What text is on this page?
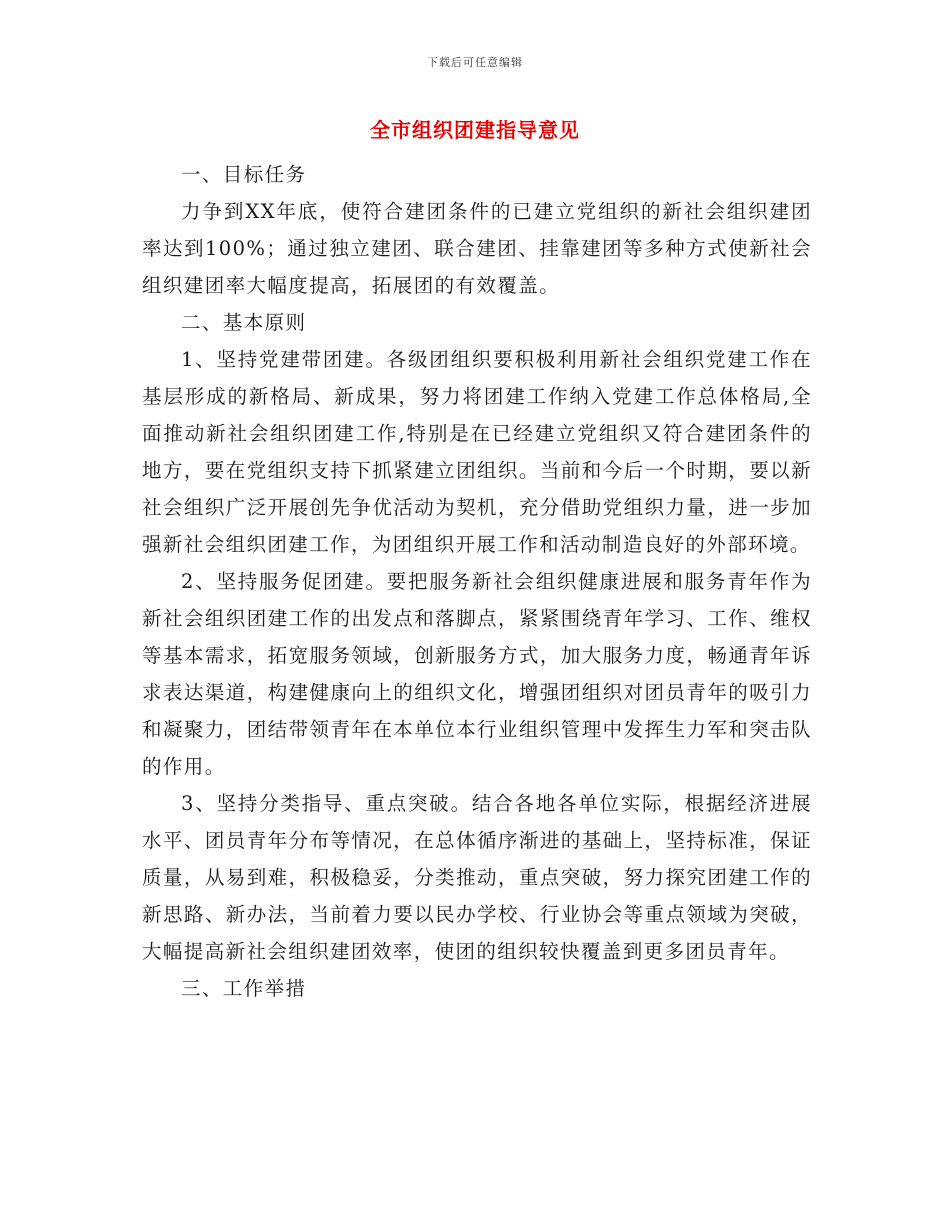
下载后可任意编辑
全市组织团建指导意见

一、目标任务

力争到XX年底，使符合建团条件的已建立党组织的新社会组织建团率达到100%；通过独立建团、联合建团、挂靠建团等多种方式使新社会组织建团率大幅度提高，拓展团的有效覆盖。

二、基本原则

1、坚持党建带团建。各级团组织要积极利用新社会组织党建工作在基层形成的新格局、新成果，努力将团建工作纳入党建工作总体格局,全面推动新社会组织团建工作,特别是在已经建立党组织又符合建团条件的地方，要在党组织支持下抓紧建立团组织。当前和今后一个时期，要以新社会组织广泛开展创先争优活动为契机，充分借助党组织力量，进一步加强新社会组织团建工作，为团组织开展工作和活动制造良好的外部环境。

2、坚持服务促团建。要把服务新社会组织健康进展和服务青年作为新社会组织团建工作的出发点和落脚点，紧紧围绕青年学习、工作、维权等基本需求，拓宽服务领域，创新服务方式，加大服务力度，畅通青年诉求表达渠道，构建健康向上的组织文化，增强团组织对团员青年的吸引力和凝聚力，团结带领青年在本单位本行业组织管理中发挥生力军和突击队的作用。

3、坚持分类指导、重点突破。结合各地各单位实际，根据经济进展水平、团员青年分布等情况，在总体循序渐进的基础上，坚持标准，保证质量，从易到难，积极稳妥，分类推动，重点突破，努力探究团建工作的新思路、新办法，当前着力要以民办学校、行业协会等重点领域为突破，大幅提高新社会组织建团效率，使团的组织较快覆盖到更多团员青年。

三、工作举措
